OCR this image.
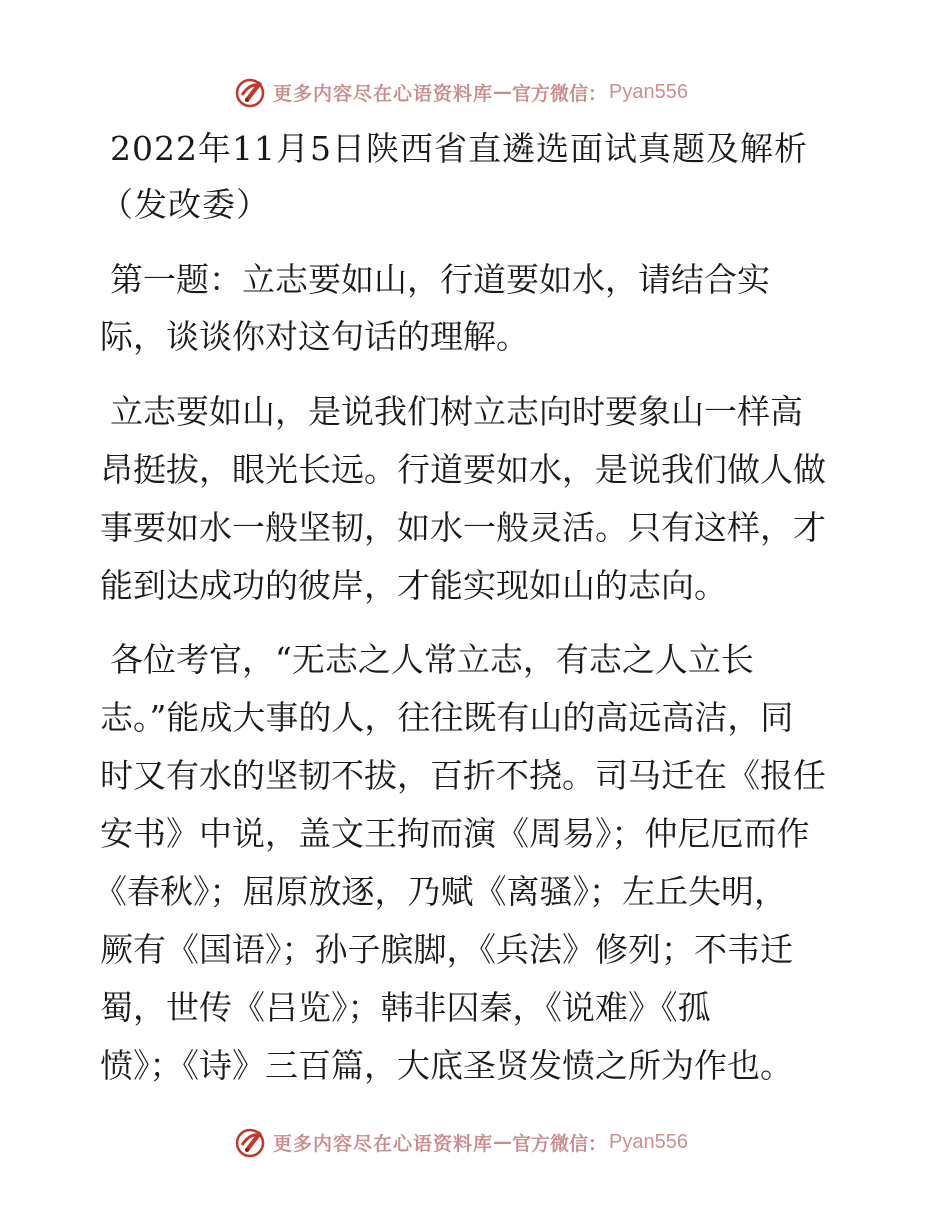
更多内容尽在心语资料库 — 官方微信： Pyan556
2022年11月5日陕西省直遴选面试真题及解析
（发改委）
第一题：立志要如山，行道要如水，请结合实
际，谈谈你对这句话的理解。
立志要如山，是说我们树立志向时要象山一样高
昂挺拔，眼光长远。行道要如水，是说我们做人做
事要如水一般坚韧，如水一般灵活。只有这样，才
能到达成功的彼岸，才能实现如山的志向。
各位考官，“无志之人常立志，有志之人立长
志。”能成大事的人，往往既有山的高远高洁，同
时又有水的坚韧不拔，百折不挠。司马迁在《报任
安书》中说，盖文王拘而演《周易》；仲尼厄而作
《春秋》；屈原放逐，乃赋《离骚》；左丘失明，
厥有《国语》；孙子膑脚，《兵法》修列；不韦迁
蜀，世传《吕览》；韩非囚秦，《说难》《孤
愤》；《诗》三百篇，大底圣贤发愤之所为作也。
更多内容尽在心语资料库 — 官方微信： Pyan556
